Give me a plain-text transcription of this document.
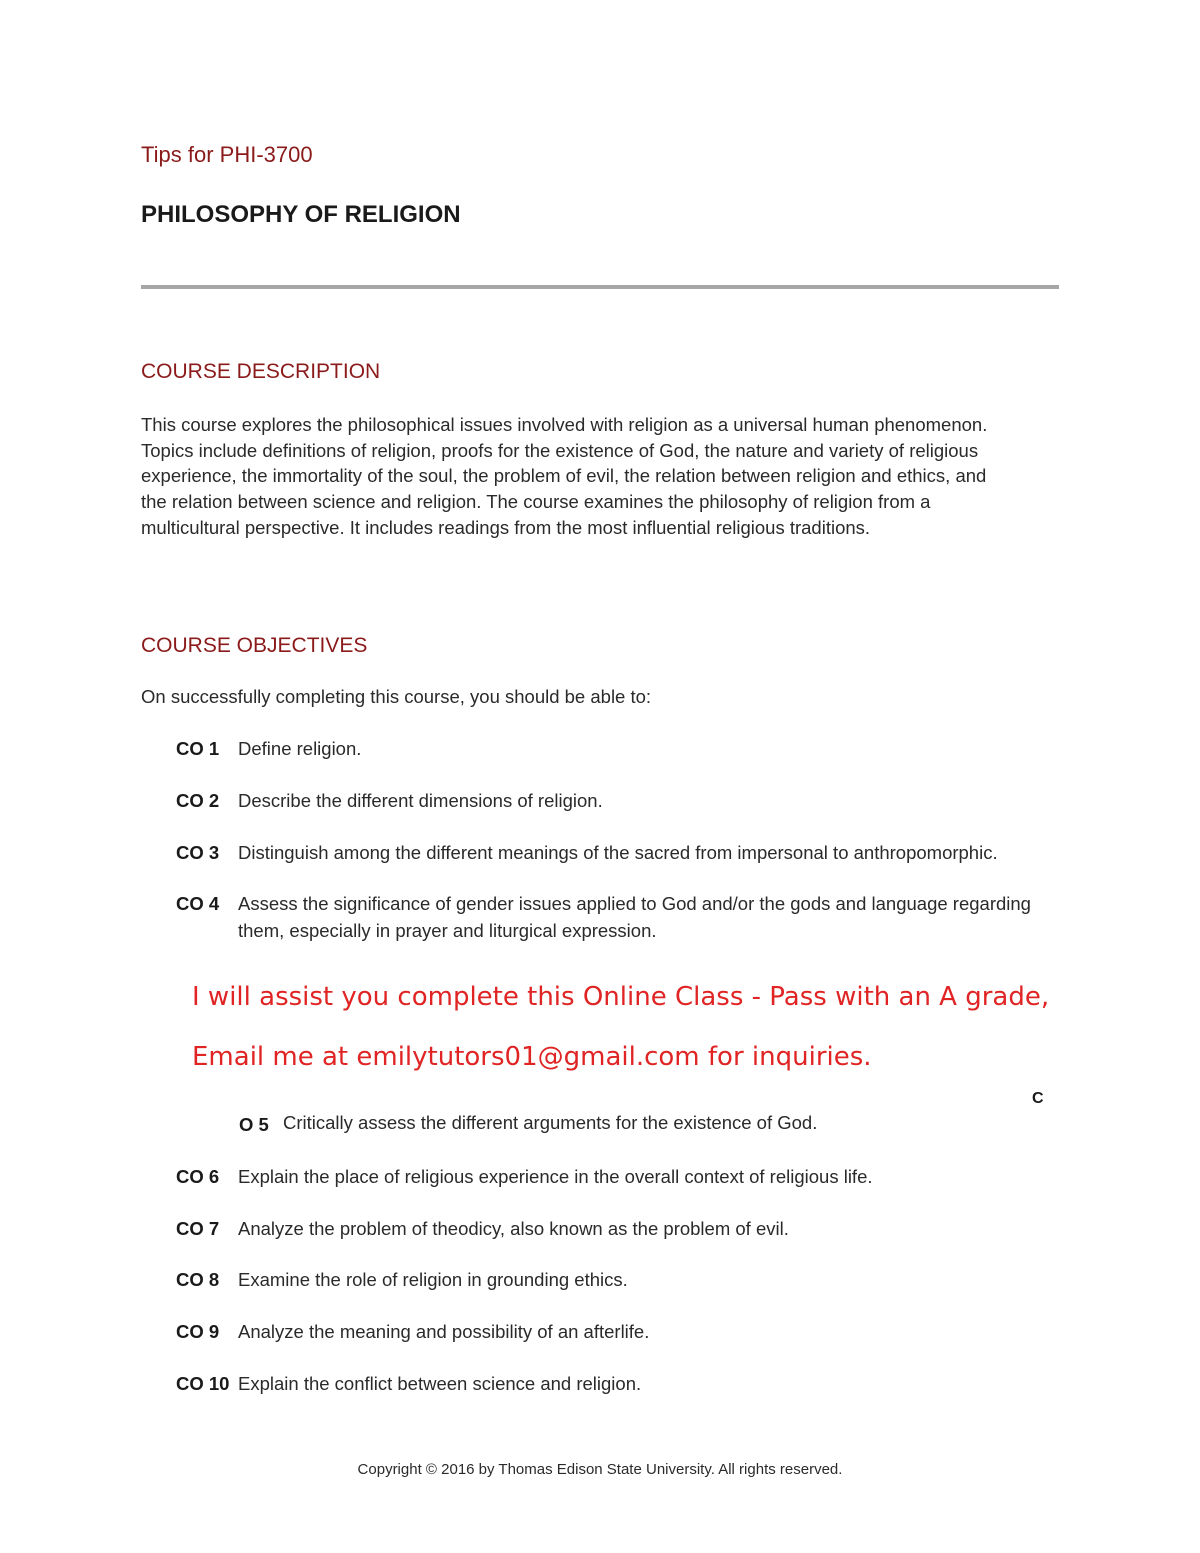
Tips for PHI-3700
PHILOSOPHY OF RELIGION
COURSE DESCRIPTION

This course explores the philosophical issues involved with religion as a universal human phenomenon.
Topics include definitions of religion, proofs for the existence of God, the nature and variety of religious
experience, the immortality of the soul, the problem of evil, the relation between religion and ethics, and
the relation between science and religion. The course examines the philosophy of religion from a
multicultural perspective. It includes readings from the most influential religious traditions.

COURSE OBJECTIVES
On successfully completing this course, you should be able to:
CO 1 Define religion.
CO 2 Describe the different dimensions of religion.
CO 3 Distinguish among the different meanings of the sacred from impersonal to anthropomorphic.
CO 4 Assess the significance of gender issues applied to God and/or the gods and language regarding them, especially in prayer and liturgical expression.
I will assist you complete this Online Class - Pass with an A grade,
Email me at emilytutors01@gmail.com for inquiries.
C
O 5 Critically assess the different arguments for the existence of God.
CO 6 Explain the place of religious experience in the overall context of religious life.
CO 7 Analyze the problem of theodicy, also known as the problem of evil.
CO 8 Examine the role of religion in grounding ethics.
CO 9 Analyze the meaning and possibility of an afterlife.
CO 10 Explain the conflict between science and religion.
Copyright © 2016 by Thomas Edison State University. All rights reserved.
